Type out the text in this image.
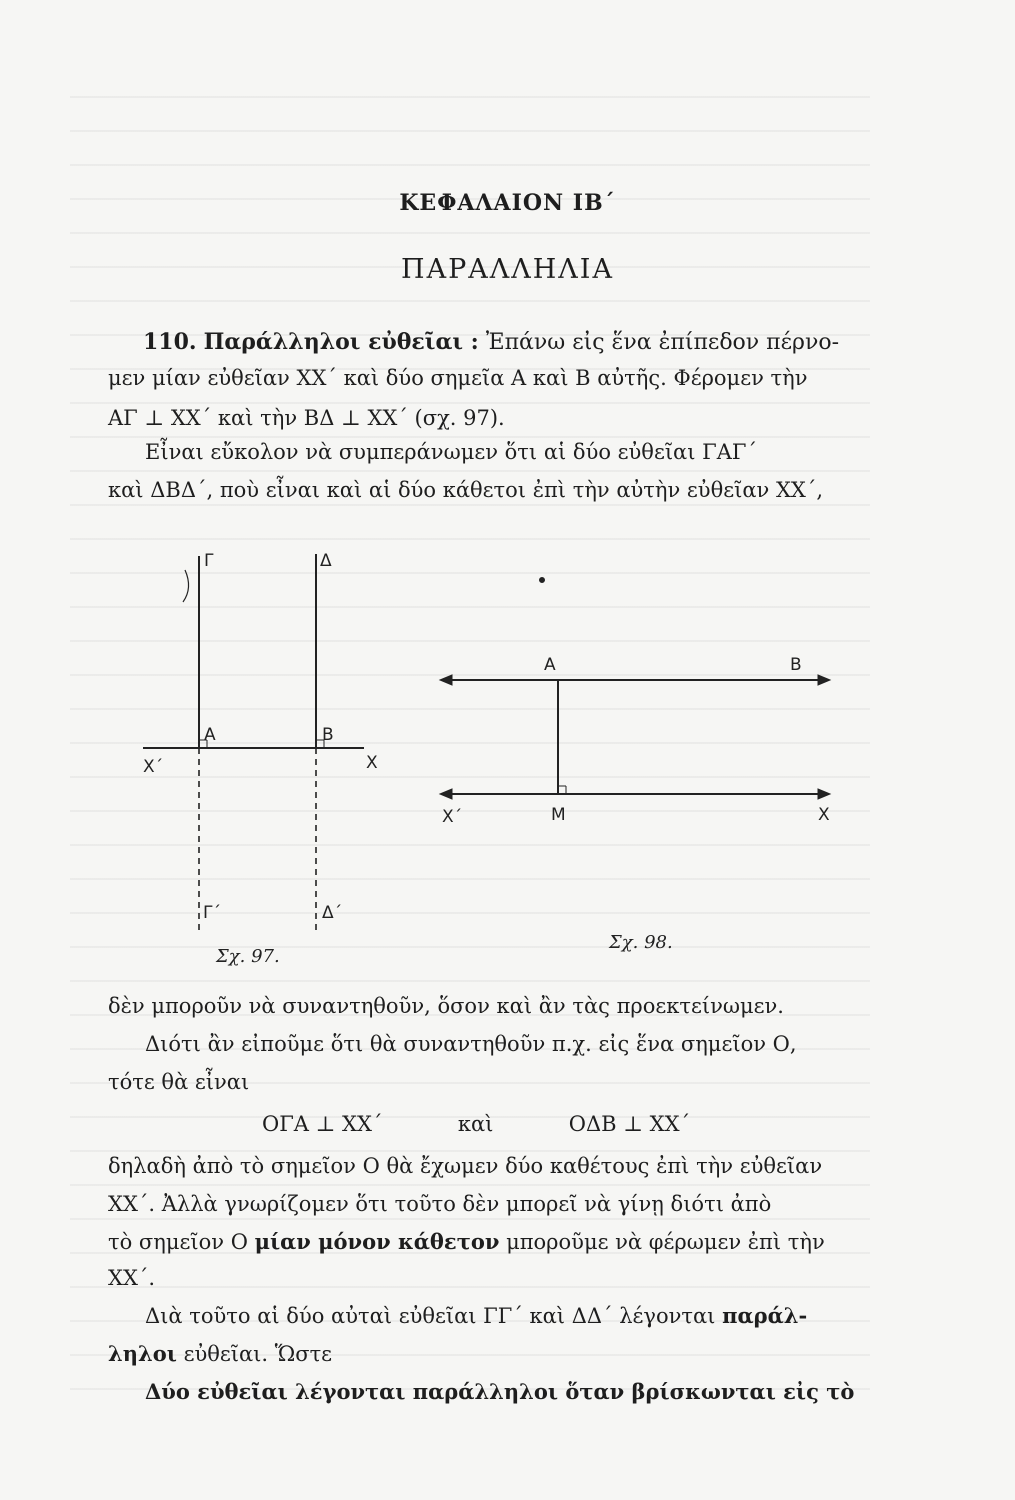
ΚΕΦΑΛΑΙΟΝ ΙΒ΄
ΠΑΡΑΛΛΗΛΙΑ
110. Παράλληλοι εὐθεῖαι : Ἐπάνω εἰς ἕνα ἐπίπεδον πέρνο-
μεν μίαν εὐθεῖαν XX΄ καὶ δύο σημεῖα Α καὶ Β αὐτῆς. Φέρομεν τὴν
ΑΓ ⊥ XX΄ καὶ τὴν ΒΔ ⊥ XX΄ (σχ. 97).
Εἶναι εὔκολον νὰ συμπεράνωμεν ὅτι αἱ δύο εὐθεῖαι ΓΑΓ΄
καὶ ΔΒΔ΄, ποὺ εἶναι καὶ αἱ δύο κάθετοι ἐπὶ τὴν αὐτὴν εὐθεῖαν XX΄,
Γ	Δ
Α	Β
X΄	X
Γ΄	Δ΄
Σχ. 97.
Α	Β
X΄	M	X
Σχ. 98.
δὲν μποροῦν νὰ συναντηθοῦν, ὅσον καὶ ἂν τὰς προεκτείνωμεν.
Διότι ἂν εἰποῦμε ὅτι θὰ συναντηθοῦν π.χ. εἰς ἕνα σημεῖον Ο,
τότε θὰ εἶναι
ΟΓΑ ⊥ XX΄	καὶ	ΟΔΒ ⊥ XX΄
δηλαδὴ ἀπὸ τὸ σημεῖον Ο θὰ ἔχωμεν δύο καθέτους ἐπὶ τὴν εὐθεῖαν
XX΄. Ἀλλὰ γνωρίζομεν ὅτι τοῦτο δὲν μπορεῖ νὰ γίνῃ διότι ἀπὸ
τὸ σημεῖον Ο μίαν μόνον κάθετον μποροῦμε νὰ φέρωμεν ἐπὶ τὴν
XX΄.
Διὰ τοῦτο αἱ δύο αὐταὶ εὐθεῖαι ΓΓ΄ καὶ ΔΔ΄ λέγονται παράλ-
ληλοι εὐθεῖαι. Ὥστε
Δύο εὐθεῖαι λέγονται παράλληλοι ὅταν βρίσκωνται εἰς τὸ
